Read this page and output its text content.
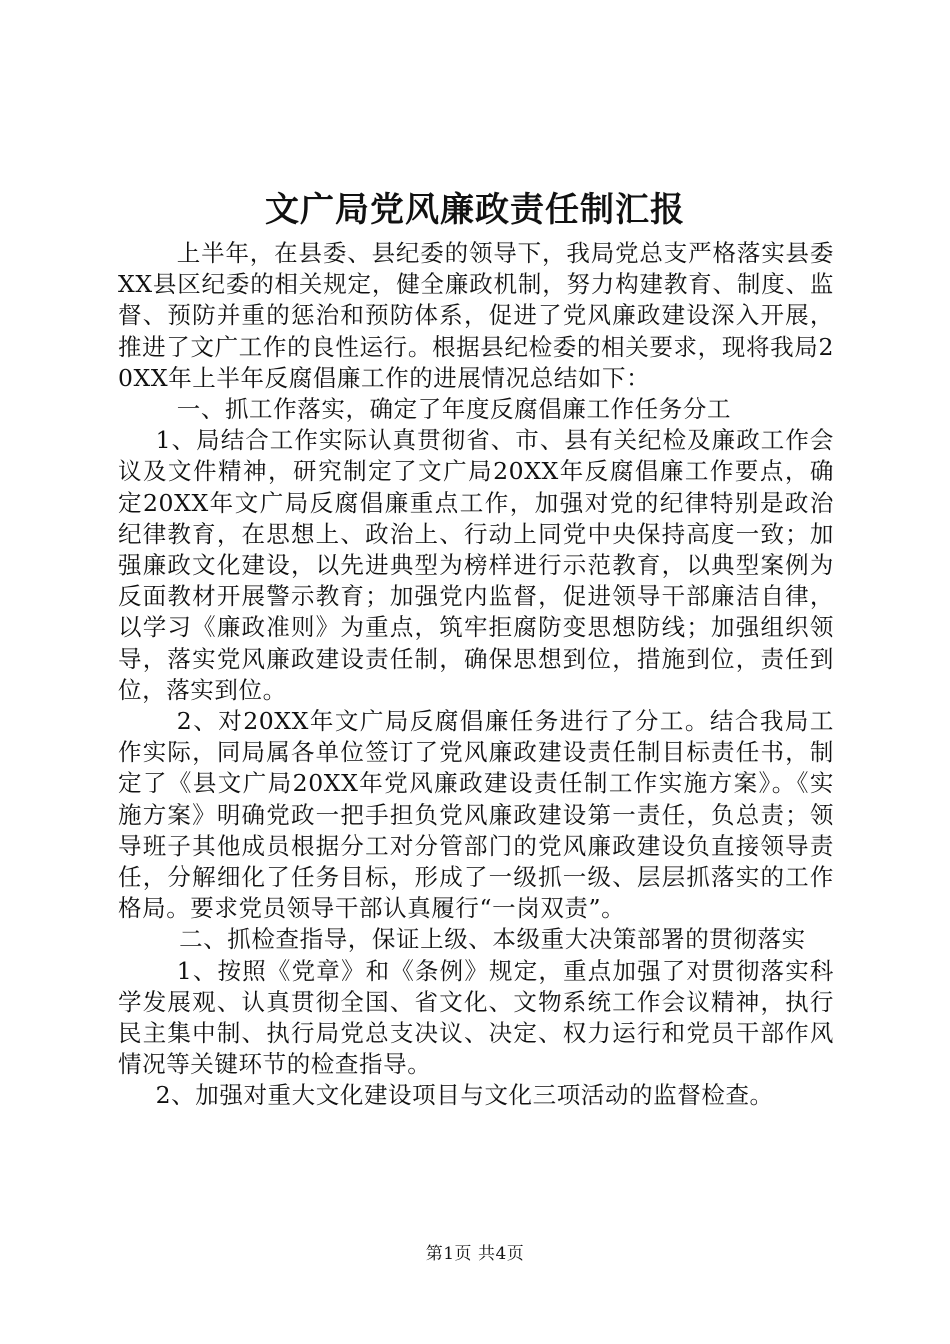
文广局党风廉政责任制汇报

上半年，在县委、县纪委的领导下，我局党总支严格落实县委XX县区纪委的相关规定，健全廉政机制，努力构建教育、制度、监督、预防并重的惩治和预防体系，促进了党风廉政建设深入开展，推进了文广工作的良性运行。根据县纪检委的相关要求，现将我局20XX年上半年反腐倡廉工作的进展情况总结如下：

一、抓工作落实，确定了年度反腐倡廉工作任务分工

1、局结合工作实际认真贯彻省、市、县有关纪检及廉政工作会议及文件精神，研究制定了文广局20XX年反腐倡廉工作要点，确定20XX年文广局反腐倡廉重点工作，加强对党的纪律特别是政治纪律教育，在思想上、政治上、行动上同党中央保持高度一致；加强廉政文化建设，以先进典型为榜样进行示范教育，以典型案例为反面教材开展警示教育；加强党内监督，促进领导干部廉洁自律，以学习《廉政准则》为重点，筑牢拒腐防变思想防线；加强组织领导，落实党风廉政建设责任制，确保思想到位，措施到位，责任到位，落实到位。

2、对20XX年文广局反腐倡廉任务进行了分工。结合我局工作实际，同局属各单位签订了党风廉政建设责任制目标责任书，制定了《县文广局20XX年党风廉政建设责任制工作实施方案》。《实施方案》明确党政一把手担负党风廉政建设第一责任，负总责；领导班子其他成员根据分工对分管部门的党风廉政建设负直接领导责任，分解细化了任务目标，形成了一级抓一级、层层抓落实的工作格局。要求党员领导干部认真履行“一岗双责”。

二、抓检查指导，保证上级、本级重大决策部署的贯彻落实

1、按照《党章》和《条例》规定，重点加强了对贯彻落实科学发展观、认真贯彻全国、省文化、文物系统工作会议精神，执行民主集中制、执行局党总支决议、决定、权力运行和党员干部作风情况等关键环节的检查指导。

2、加强对重大文化建设项目与文化三项活动的监督检查。

第1页 共4页
